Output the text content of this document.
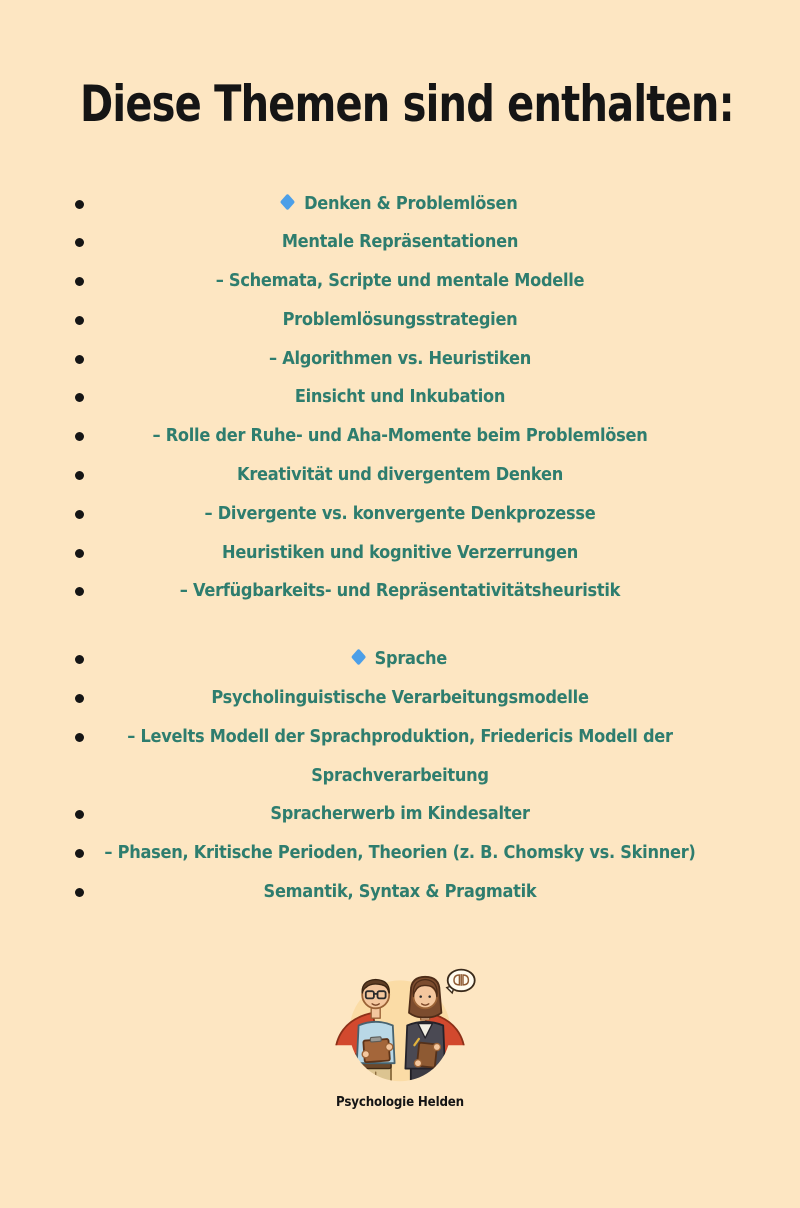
Diese Themen sind enthalten:
Denken & Problemlösen
Mentale Repräsentationen
– Schemata, Scripte und mentale Modelle
Problemlösungsstrategien
– Algorithmen vs. Heuristiken
Einsicht und Inkubation
– Rolle der Ruhe- und Aha-Momente beim Problemlösen
Kreativität und divergentem Denken
– Divergente vs. konvergente Denkprozesse
Heuristiken und kognitive Verzerrungen
– Verfügbarkeits- und Repräsentativitätsheuristik
Sprache
Psycholinguistische Verarbeitungsmodelle
– Levelts Modell der Sprachproduktion, Friedericis Modell der Sprachverarbeitung
Spracherwerb im Kindesalter
– Phasen, Kritische Perioden, Theorien (z. B. Chomsky vs. Skinner)
Semantik, Syntax & Pragmatik
Psychologie Helden
